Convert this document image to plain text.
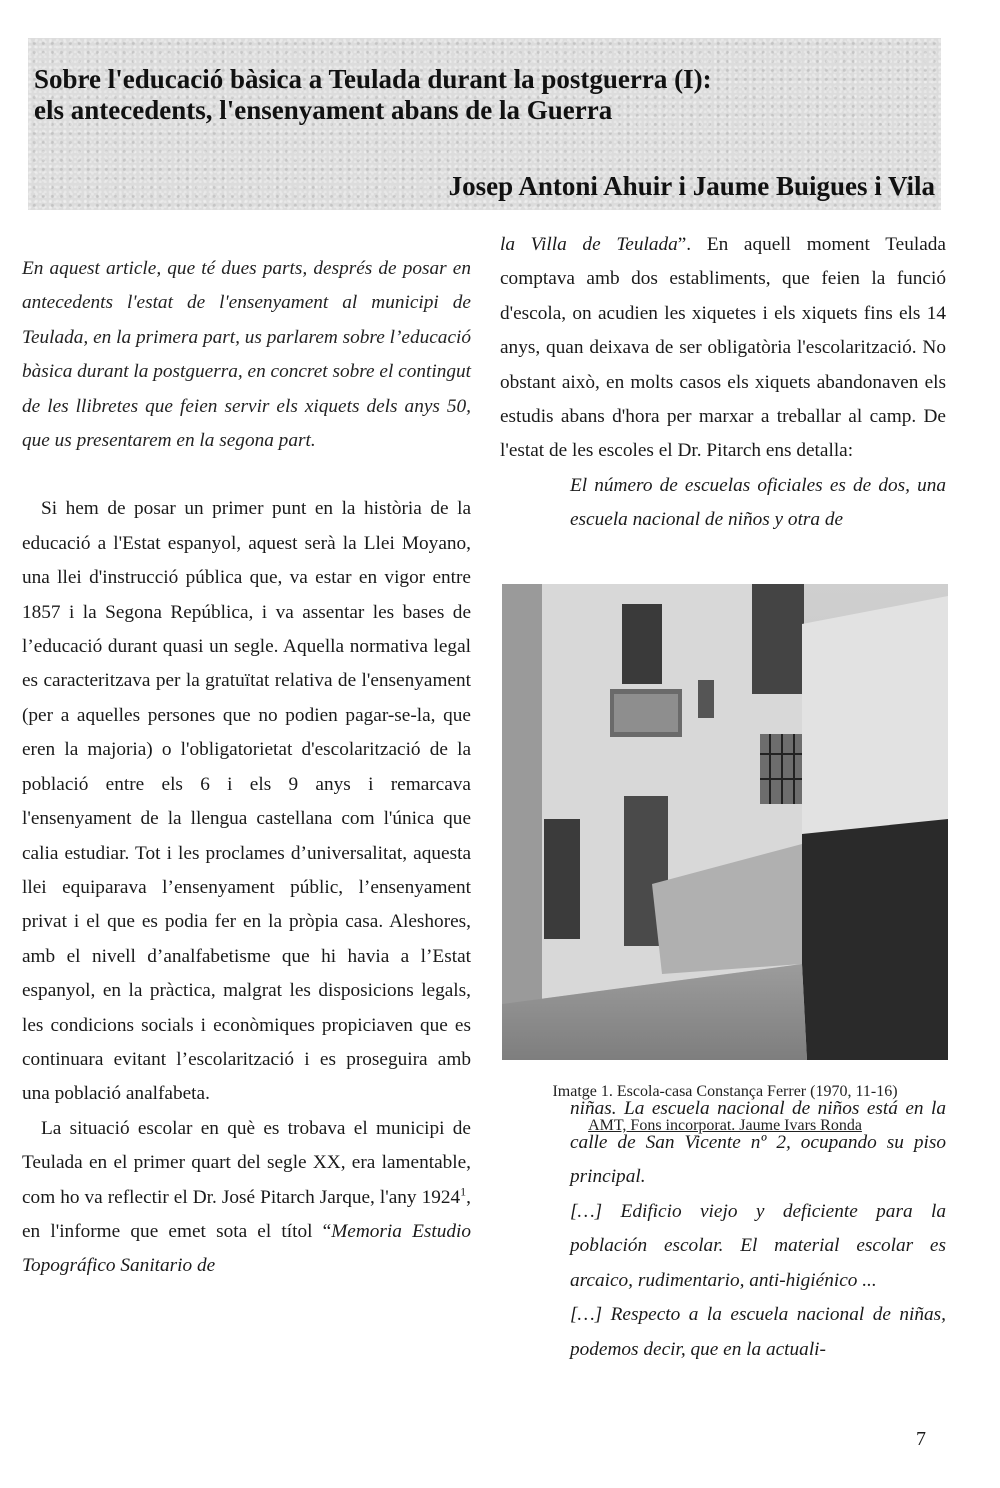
Sobre l'educació bàsica a Teulada durant la postguerra (I):
els antecedents, l'ensenyament abans de la Guerra

Josep Antoni Ahuir i Jaume Buigues i Vila

En aquest article, que té dues parts, després de posar en antecedents l'estat de l'ensenyament al municipi de Teulada, en la primera part, us parlarem sobre l’educació bàsica durant la postguerra, en concret sobre el contingut de les llibretes que feien servir els xiquets dels anys 50, que us presentarem en la segona part.

Si hem de posar un primer punt en la història de la educació a l'Estat espanyol, aquest serà la Llei Moyano, una llei d'instrucció pública que, va estar en vigor entre 1857 i la Segona República, i va assentar les bases de l’educació durant quasi un segle. Aquella normativa legal es caracteritzava per la gratuïtat relativa de l'ensenyament (per a aquelles persones que no podien pagar-se-la, que eren la majoria) o l'obligatorietat d'escolarització de la població entre els 6 i els 9 anys i remarcava l'ensenyament de la llengua castellana com l'única que calia estudiar. Tot i les proclames d’universalitat, aquesta llei equiparava l’ensenyament públic, l’ensenyament privat i el que es podia fer en la pròpia casa. Aleshores, amb el nivell d’analfabetisme que hi havia a l’Estat espanyol, en la pràctica, malgrat les disposicions legals, les condicions socials i econòmiques propiciaven que es continuara evitant l’escolarització i es proseguira amb una població analfabeta.

La situació escolar en què es trobava el municipi de Teulada en el primer quart del segle XX, era lamentable, com ho va reflectir el Dr. José Pitarch Jarque, l'any 1924$^1$, en l'informe que emet sota el títol “Memoria Estudio Topográfico Sanitario de

la Villa de Teulada”. En aquell moment Teulada comptava amb dos establiments, que feien la funció d'escola, on acudien les xiquetes i els xiquets fins els 14 anys, quan deixava de ser obligatòria l'escolarització. No obstant això, en molts casos els xiquets abandonaven els estudis abans d'hora per marxar a treballar al camp. De l'estat de les escoles el Dr. Pitarch ens detalla:

El número de escuelas oficiales es de dos, una escuela nacional de niños y otra de

niñas. La escuela nacional de niños está en la calle de San Vicente nº 2, ocupando su piso principal.

[…] Edificio viejo y deficiente para la población escolar. El material escolar es arcaico, rudimentario, anti-higiénico ...

[…] Respecto a la escuela nacional de niñas, podemos decir, que en la actuali-

Imatge 1. Escola-casa Constança Ferrer (1970, 11-16)

AMT, Fons incorporat. Jaume Ivars Ronda

7
